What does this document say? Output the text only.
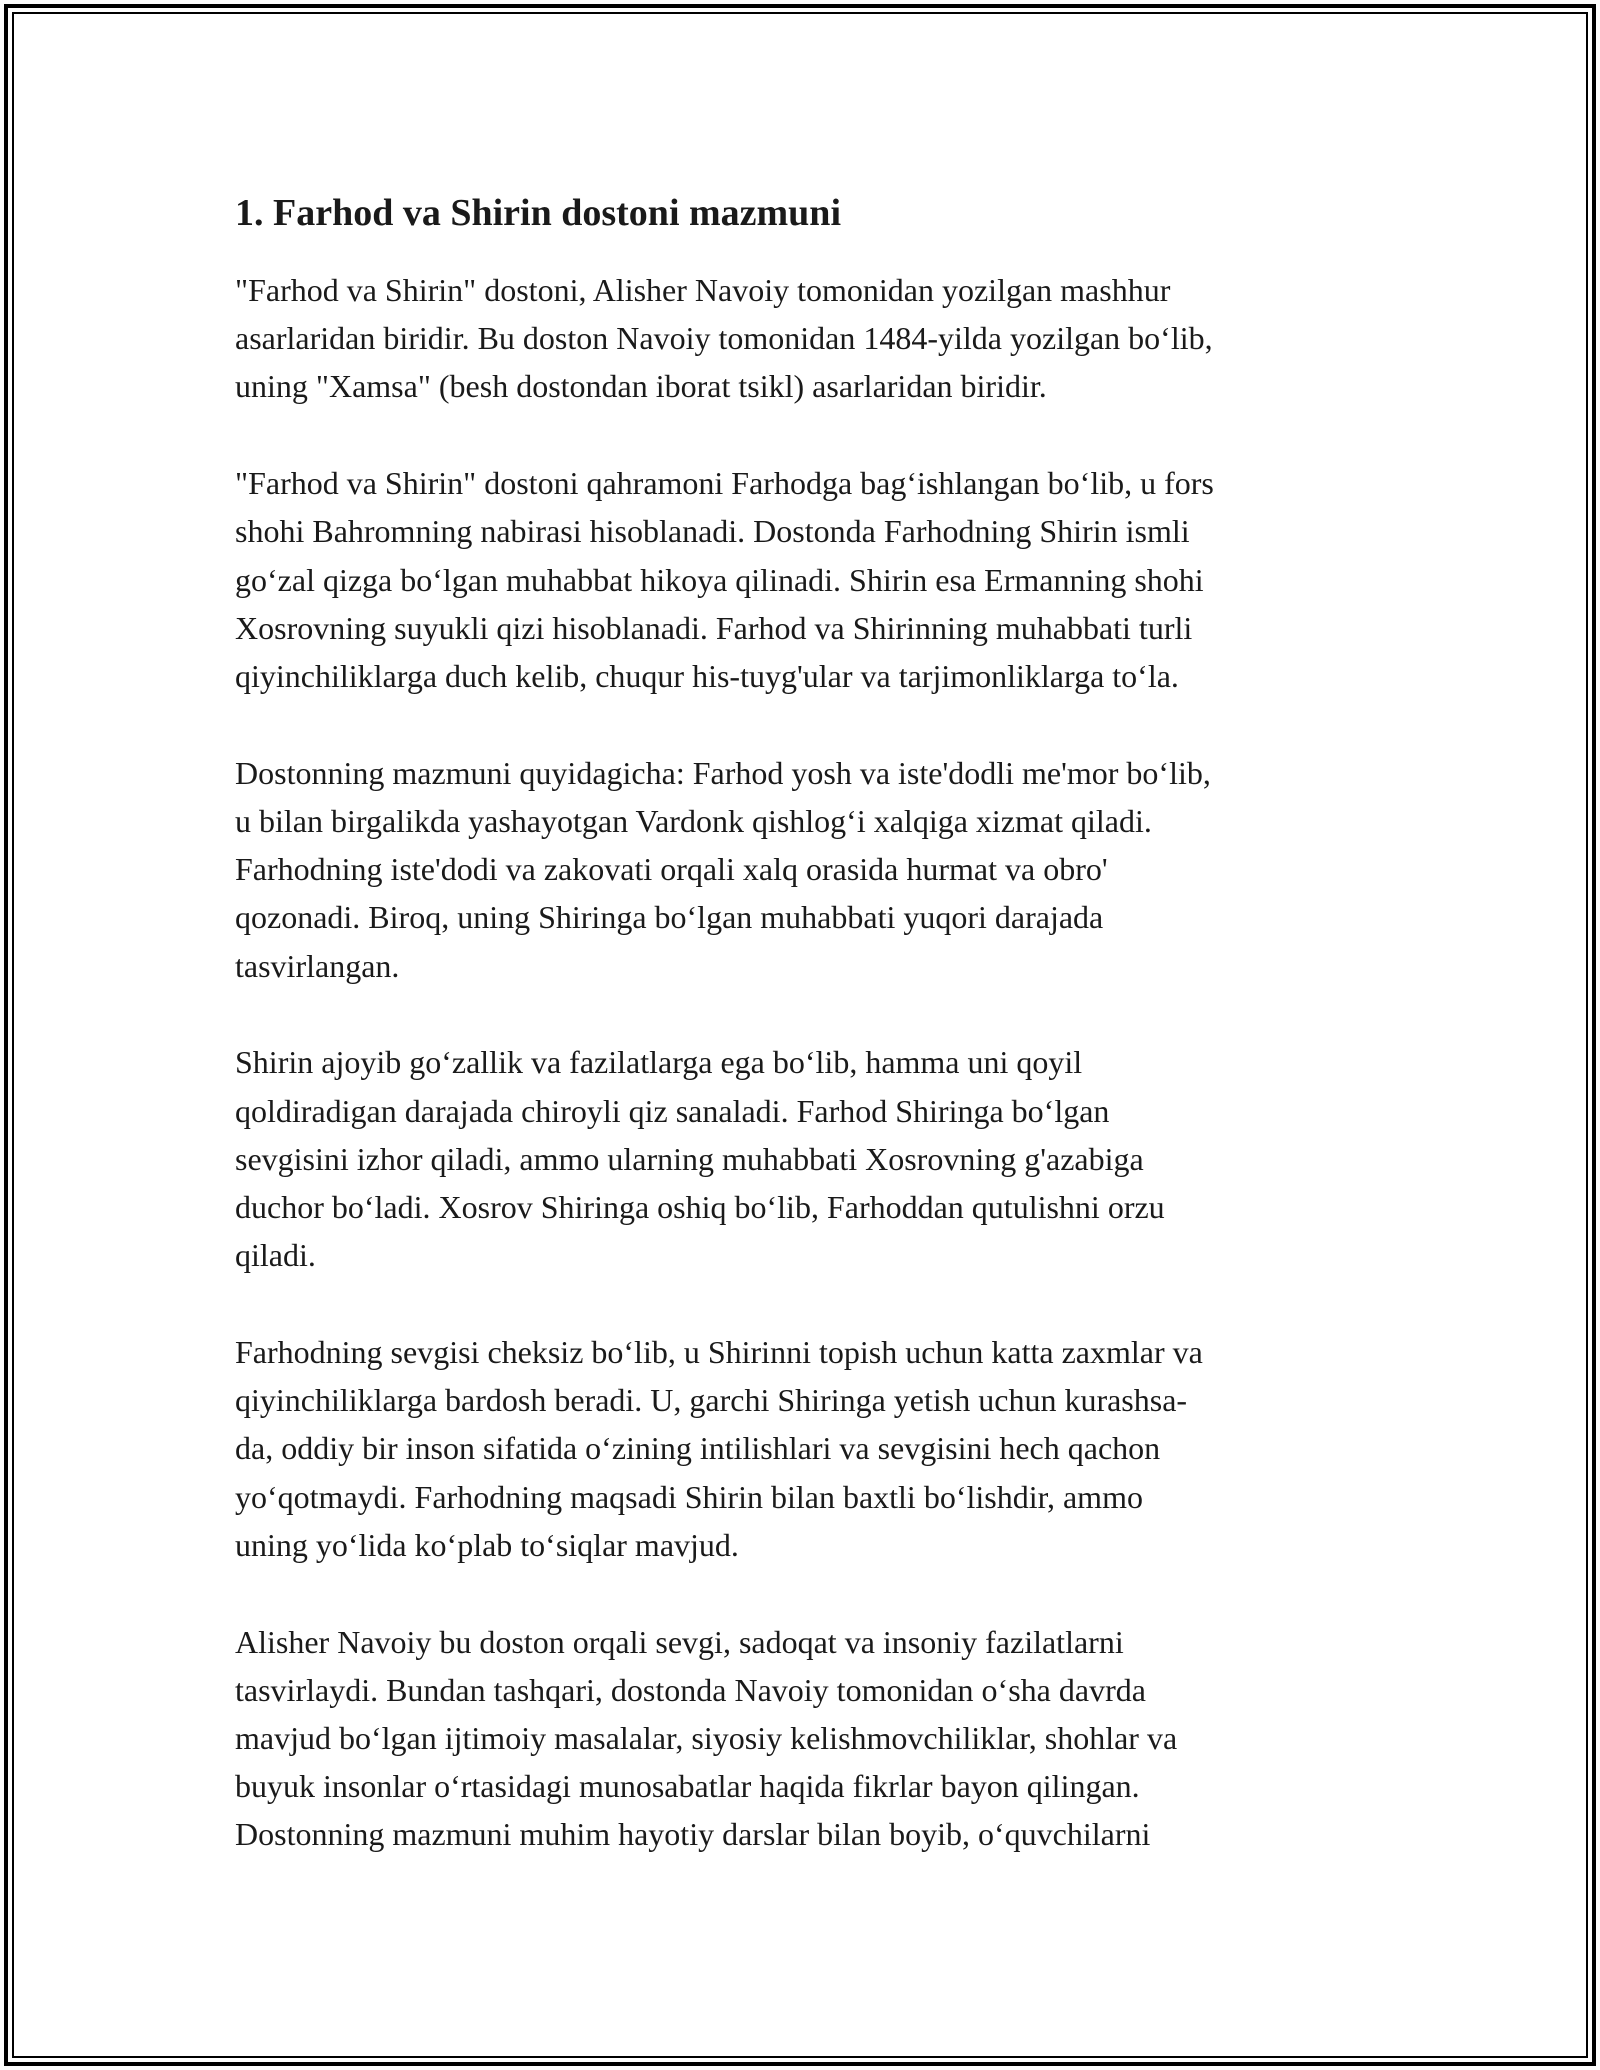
1. Farhod va Shirin dostoni mazmuni

"Farhod va Shirin" dostoni, Alisher Navoiy tomonidan yozilgan mashhur
asarlaridan biridir. Bu doston Navoiy tomonidan 1484-yilda yozilgan bo‘lib,
uning "Xamsa" (besh dostondan iborat tsikl) asarlaridan biridir.

"Farhod va Shirin" dostoni qahramoni Farhodga bag‘ishlangan bo‘lib, u fors
shohi Bahromning nabirasi hisoblanadi. Dostonda Farhodning Shirin ismli
go‘zal qizga bo‘lgan muhabbat hikoya qilinadi. Shirin esa Ermanning shohi
Xosrovning suyukli qizi hisoblanadi. Farhod va Shirinning muhabbati turli
qiyinchiliklarga duch kelib, chuqur his-tuyg'ular va tarjimonliklarga to‘la.

Dostonning mazmuni quyidagicha: Farhod yosh va iste'dodli me'mor bo‘lib,
u bilan birgalikda yashayotgan Vardonk qishlog‘i xalqiga xizmat qiladi.
Farhodning iste'dodi va zakovati orqali xalq orasida hurmat va obro'
qozonadi. Biroq, uning Shiringa bo‘lgan muhabbati yuqori darajada
tasvirlangan.

Shirin ajoyib go‘zallik va fazilatlarga ega bo‘lib, hamma uni qoyil
qoldiradigan darajada chiroyli qiz sanaladi. Farhod Shiringa bo‘lgan
sevgisini izhor qiladi, ammo ularning muhabbati Xosrovning g'azabiga
duchor bo‘ladi. Xosrov Shiringa oshiq bo‘lib, Farhoddan qutulishni orzu
qiladi.

Farhodning sevgisi cheksiz bo‘lib, u Shirinni topish uchun katta zaxmlar va
qiyinchiliklarga bardosh beradi. U, garchi Shiringa yetish uchun kurashsa-
da, oddiy bir inson sifatida o‘zining intilishlari va sevgisini hech qachon
yo‘qotmaydi. Farhodning maqsadi Shirin bilan baxtli bo‘lishdir, ammo
uning yo‘lida ko‘plab to‘siqlar mavjud.

Alisher Navoiy bu doston orqali sevgi, sadoqat va insoniy fazilatlarni
tasvirlaydi. Bundan tashqari, dostonda Navoiy tomonidan o‘sha davrda
mavjud bo‘lgan ijtimoiy masalalar, siyosiy kelishmovchiliklar, shohlar va
buyuk insonlar o‘rtasidagi munosabatlar haqida fikrlar bayon qilingan.
Dostonning mazmuni muhim hayotiy darslar bilan boyib, o‘quvchilarni
